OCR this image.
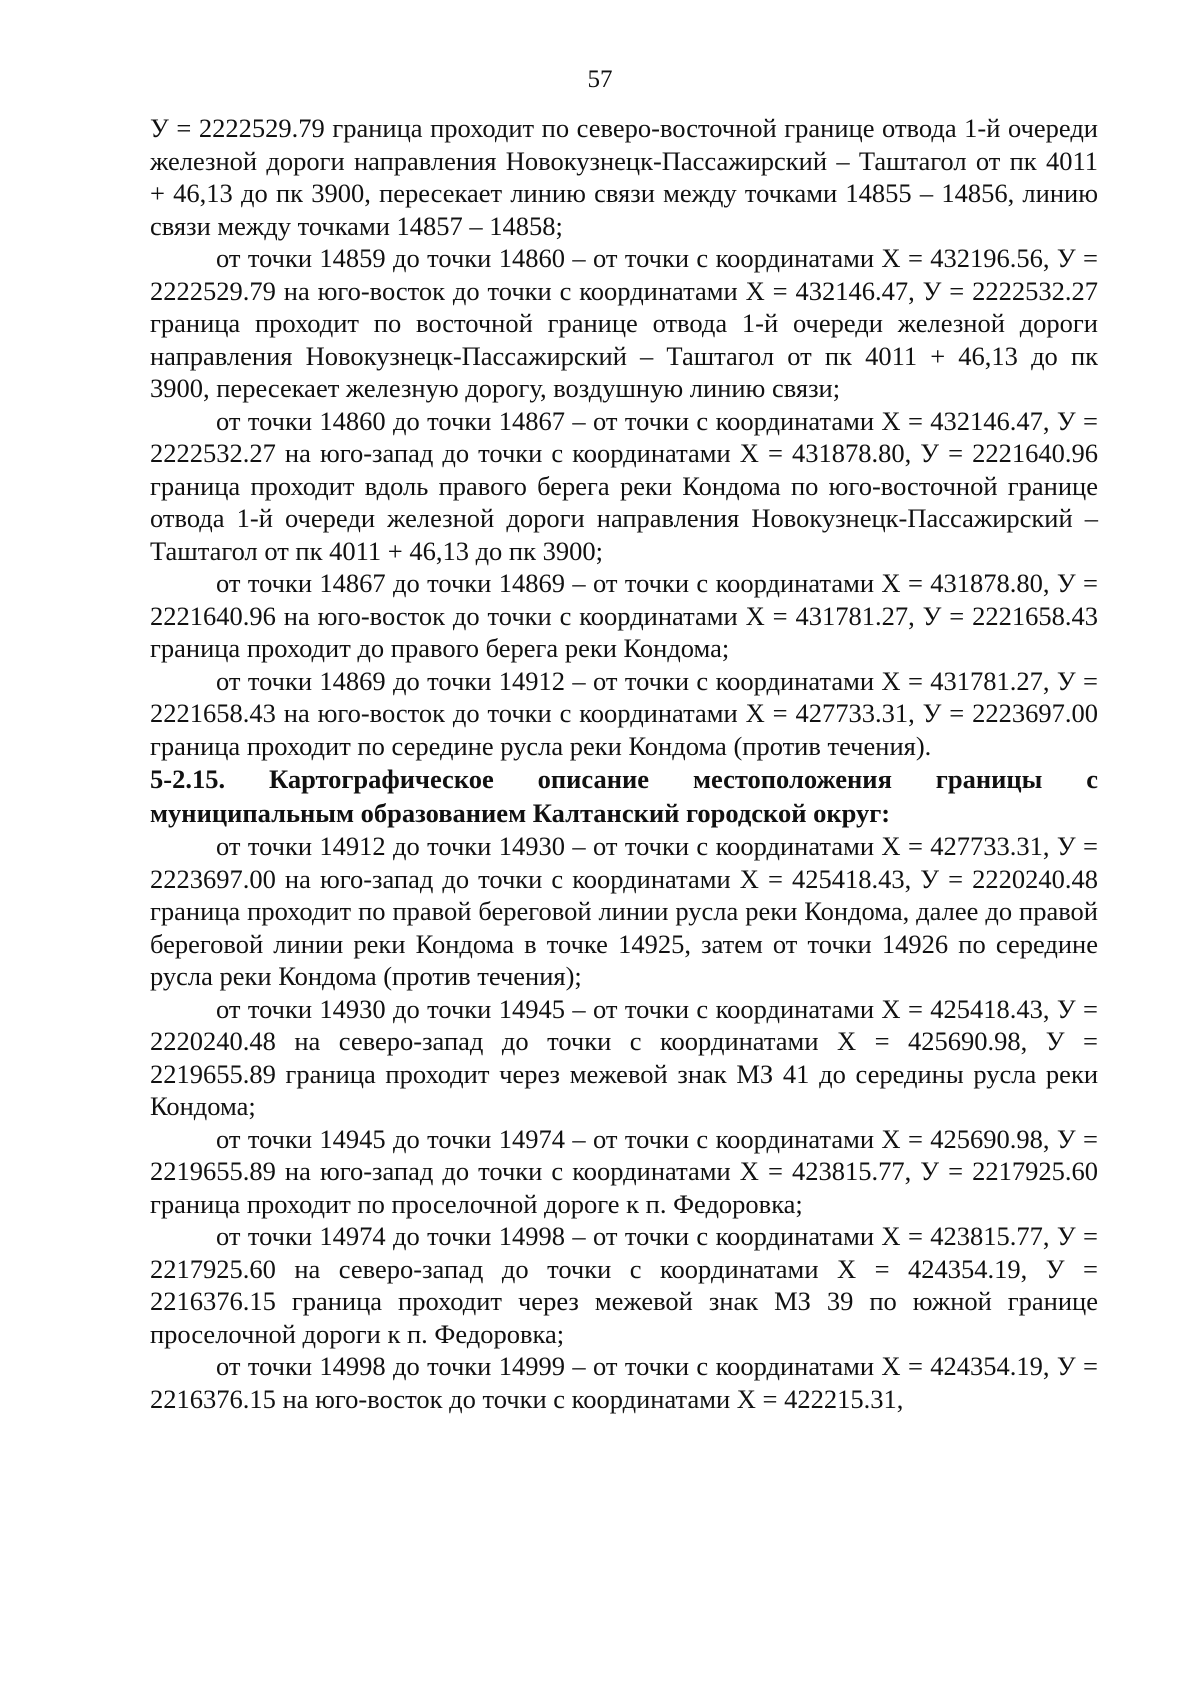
57

У = 2222529.79 граница проходит по северо-восточной границе отвода 1-й очереди железной дороги направления Новокузнецк-Пассажирский – Таштагол от пк 4011 + 46,13 до пк 3900, пересекает линию связи между точками 14855 – 14856, линию связи между точками 14857 – 14858;

от точки 14859 до точки 14860 – от точки с координатами Х = 432196.56, У = 2222529.79 на юго-восток до точки с координатами Х = 432146.47, У = 2222532.27 граница проходит по восточной границе отвода 1-й очереди железной дороги направления Новокузнецк-Пассажирский – Таштагол от пк 4011 + 46,13 до пк 3900, пересекает железную дорогу, воздушную линию связи;

от точки 14860 до точки 14867 – от точки с координатами Х = 432146.47, У = 2222532.27 на юго-запад до точки с координатами Х = 431878.80, У = 2221640.96 граница проходит вдоль правого берега реки Кондома по юго-восточной границе отвода 1-й очереди железной дороги направления Новокузнецк-Пассажирский – Таштагол от пк 4011 + 46,13 до пк 3900;

от точки 14867 до точки 14869 – от точки с координатами Х = 431878.80, У = 2221640.96 на юго-восток до точки с координатами Х = 431781.27, У = 2221658.43 граница проходит до правого берега реки Кондома;

от точки 14869 до точки 14912 – от точки с координатами Х = 431781.27, У = 2221658.43 на юго-восток до точки с координатами Х = 427733.31, У = 2223697.00 граница проходит по середине русла реки Кондома (против течения).

5-2.15. Картографическое описание местоположения границы с муниципальным образованием Калтанский городской округ:

от точки 14912 до точки 14930 – от точки с координатами Х = 427733.31, У = 2223697.00 на юго-запад до точки с координатами Х = 425418.43, У = 2220240.48 граница проходит по правой береговой линии русла реки Кондома, далее до правой береговой линии реки Кондома в точке 14925, затем от точки 14926 по середине русла реки Кондома (против течения);

от точки 14930 до точки 14945 – от точки с координатами Х = 425418.43, У = 2220240.48 на северо-запад до точки с координатами Х = 425690.98, У = 2219655.89 граница проходит через межевой знак МЗ 41 до середины русла реки Кондома;

от точки 14945 до точки 14974 – от точки с координатами Х = 425690.98, У = 2219655.89 на юго-запад до точки с координатами Х = 423815.77, У = 2217925.60 граница проходит по проселочной дороге к п. Федоровка;

от точки 14974 до точки 14998 – от точки с координатами Х = 423815.77, У = 2217925.60 на северо-запад до точки с координатами Х = 424354.19, У = 2216376.15 граница проходит через межевой знак МЗ 39 по южной границе проселочной дороги к п. Федоровка;

от точки 14998 до точки 14999 – от точки с координатами Х = 424354.19, У = 2216376.15 на юго-восток до точки с координатами Х = 422215.31,
